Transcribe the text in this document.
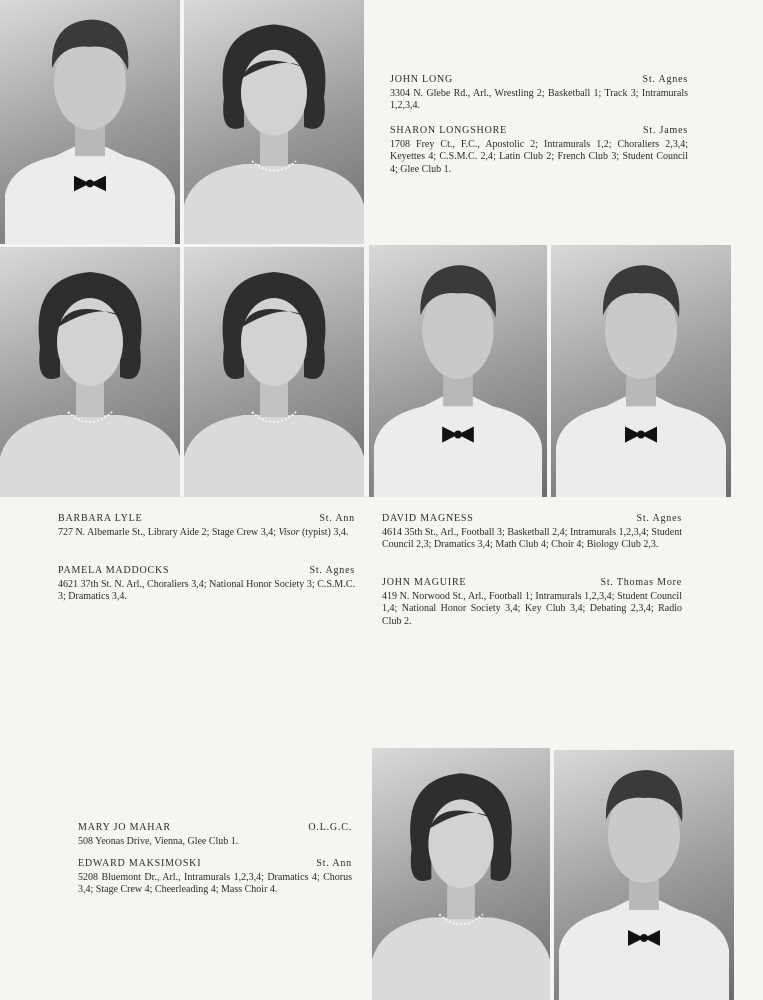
JOHN LONG	St. Agnes
3304 N. Glebe Rd., Arl., Wrestling 2; Basketball 1; Track 3; Intramurals 1,2,3,4.
SHARON LONGSHORE	St. James
1708 Frey Ct., F.C., Apostolic 2; Intramurals 1,2; Choraliers 2,3,4; Keyettes 4; C.S.M.C. 2,4; Latin Club 2; French Club 3; Student Council 4; Glee Club 1.
BARBARA LYLE	St. Ann
727 N. Albemarle St., Library Aide 2; Stage Crew 3,4; Visor (typist) 3,4.
PAMELA MADDOCKS	St. Agnes
4621 37th St. N. Arl., Choraliers 3,4; National Honor Society 3; C.S.M.C. 3; Dramatics 3,4.
DAVID MAGNESS	St. Agnes
4614 35th St., Arl., Football 3; Basketball 2,4; Intramurals 1,2,3,4; Student Council 2,3; Dramatics 3,4; Math Club 4; Choir 4; Biology Club 2,3.
JOHN MAGUIRE	St. Thomas More
419 N. Norwood St., Arl., Football 1; Intramurals 1,2,3,4; Student Council 1,4; National Honor Society 3,4; Key Club 3,4; Debating 2,3,4; Radio Club 2.
MARY JO MAHAR	O.L.G.C.
508 Yeonas Drive, Vienna, Glee Club 1.
EDWARD MAKSIMOSKI	St. Ann
5208 Bluemont Dr., Arl., Intramurals 1,2,3,4; Dramatics 4; Chorus 3,4; Stage Crew 4; Cheerleading 4; Mass Choir 4.
